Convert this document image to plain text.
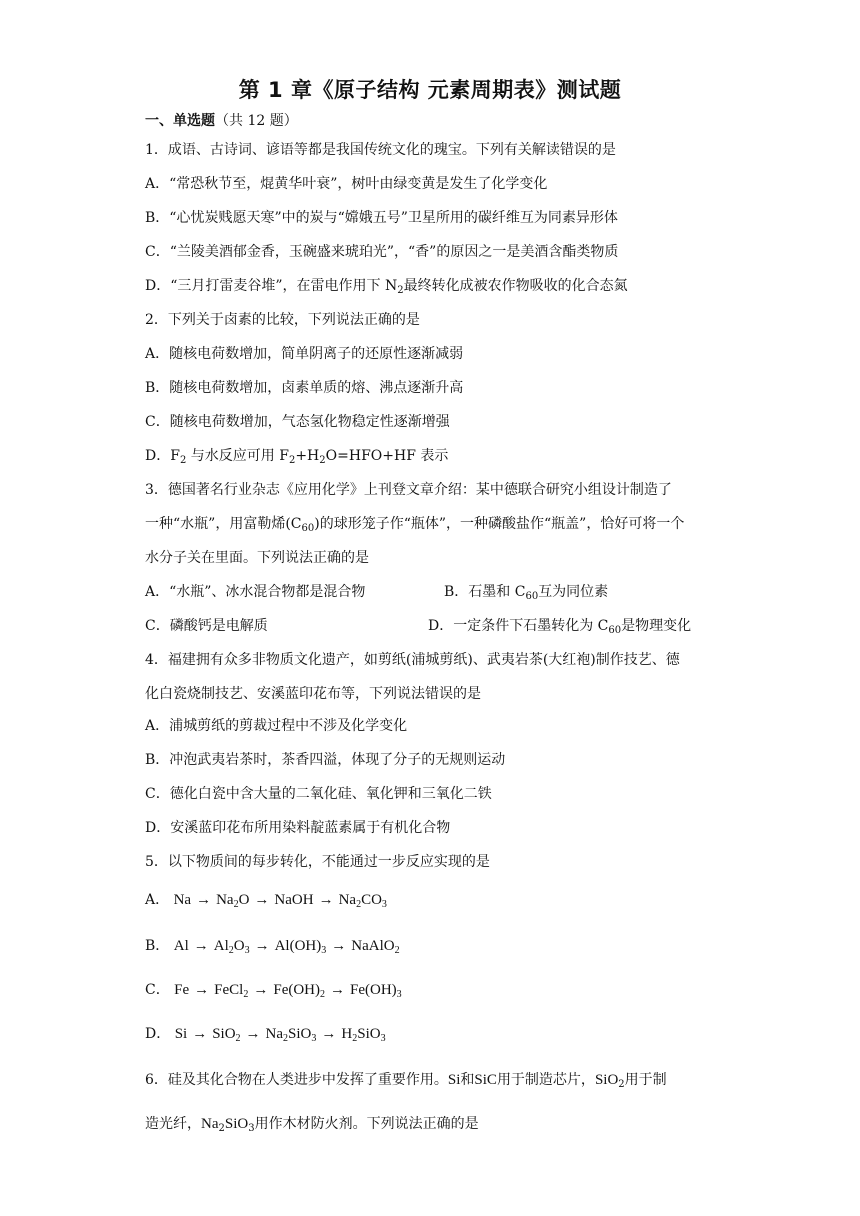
第 1 章《原子结构 元素周期表》测试题
一、单选题（共 12 题）
1．成语、古诗词、谚语等都是我国传统文化的瑰宝。下列有关解读错误的是
A．“常恐秋节至，焜黄华叶衰”，树叶由绿变黄是发生了化学变化
B．“心忧炭贱愿天寒”中的炭与“嫦娥五号”卫星所用的碳纤维互为同素异形体
C．“兰陵美酒郁金香，玉碗盛来琥珀光”，“香”的原因之一是美酒含酯类物质
D．“三月打雷麦谷堆”，在雷电作用下 $N_2$最终转化成被农作物吸收的化合态氮
2．下列关于卤素的比较，下列说法正确的是
A．随核电荷数增加，简单阴离子的还原性逐渐减弱
B．随核电荷数增加，卤素单质的熔、沸点逐渐升高
C．随核电荷数增加，气态氢化物稳定性逐渐增强
D．$F_2$ 与水反应可用 $F_2+H_2O=HFO+HF$ 表示
3．德国著名行业杂志《应用化学》上刊登文章介绍：某中德联合研究小组设计制造了
一种“水瓶”，用富勒烯$(C_{60})$的球形笼子作“瓶体”，一种磷酸盐作“瓶盖”，恰好可将一个
水分子关在里面。下列说法正确的是
A．“水瓶”、冰水混合物都是混合物	B．石墨和 $C_{60}$互为同位素
C．磷酸钙是电解质	D．一定条件下石墨转化为 $C_{60}$是物理变化
4．福建拥有众多非物质文化遗产，如剪纸(浦城剪纸)、武夷岩茶(大红袍)制作技艺、德
化白瓷烧制技艺、安溪蓝印花布等，下列说法错误的是
A．浦城剪纸的剪裁过程中不涉及化学变化
B．冲泡武夷岩茶时，茶香四溢，体现了分子的无规则运动
C．德化白瓷中含大量的二氧化硅、氧化钾和三氧化二铁
D．安溪蓝印花布所用染料靛蓝素属于有机化合物
5．以下物质间的每步转化，不能通过一步反应实现的是
A． $Na \to Na_2O$ → NaOH → $Na_2CO_3$
B． $Al \to Al_2O_3 \to Al(OH)_3$ → NaAlO$_2$
C． Fe → FeCl$_2$ → $Fe(OH)_2 \to Fe(OH)_3$
D． $Si \to SiO_2 \to Na_2SiO_3 \to H_2SiO_3$
6．硅及其化合物在人类进步中发挥了重要作用。Si和SiC用于制造芯片，SiO$_2$用于制
造光纤，$Na_2SiO_3$用作木材防火剂。下列说法正确的是
